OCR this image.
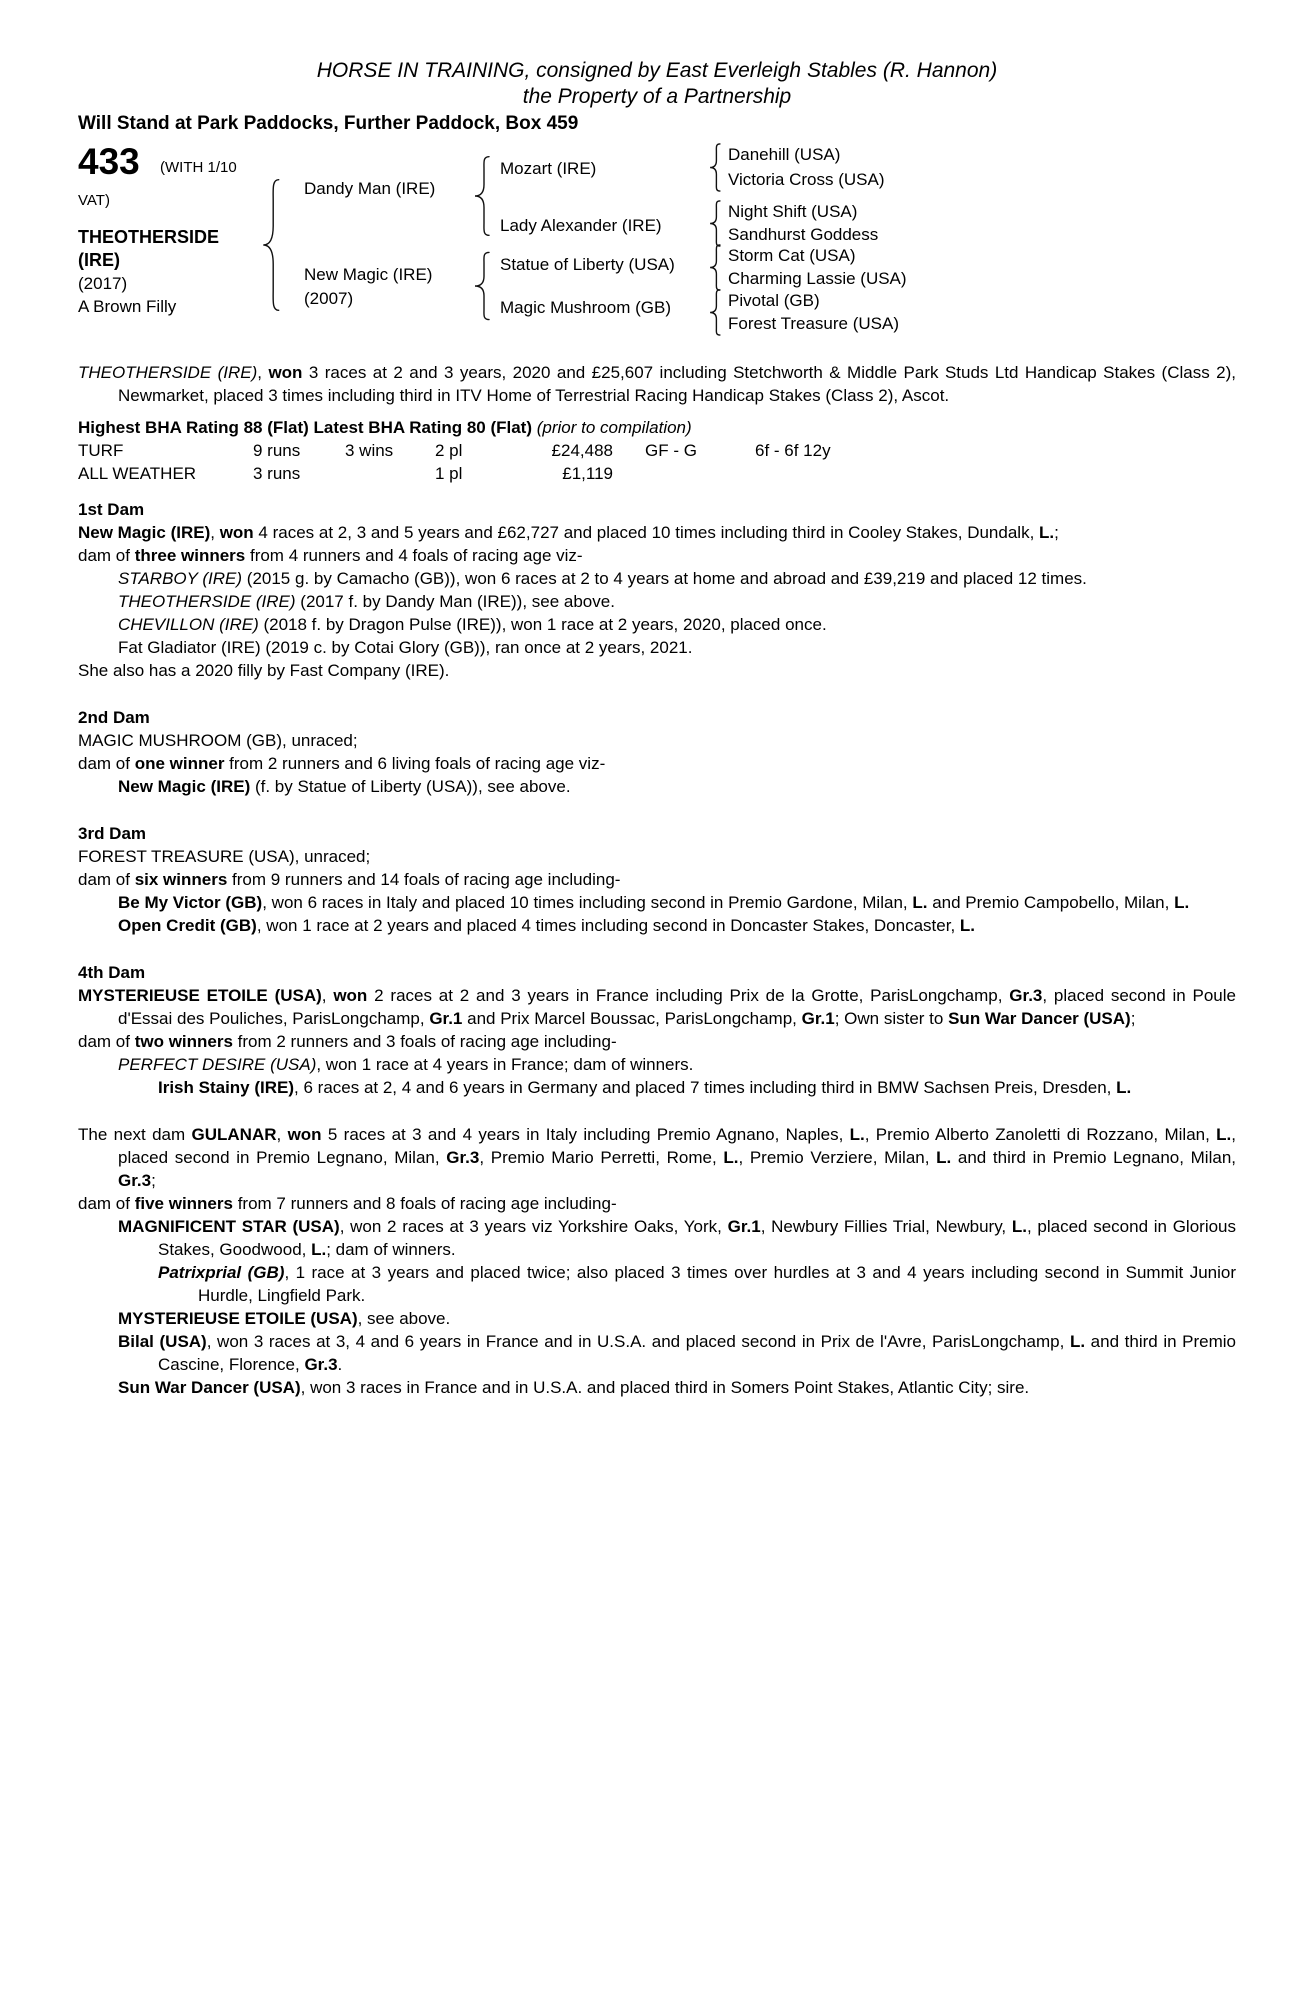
HORSE IN TRAINING, consigned by East Everleigh Stables (R. Hannon)

the Property of a Partnership

Will Stand at Park Paddocks, Further Paddock, Box 459

433 (WITH 1/10
VAT)
THEOTHERSIDE
(IRE)
(2017)
A Brown Filly
Dandy Man (IRE)
New Magic (IRE)
(2007)
Mozart (IRE)
Lady Alexander (IRE)
Statue of Liberty (USA)
Magic Mushroom (GB)
Danehill (USA)
Victoria Cross (USA)
Night Shift (USA)
Sandhurst Goddess
Storm Cat (USA)
Charming Lassie (USA)
Pivotal (GB)
Forest Treasure (USA)

THEOTHERSIDE (IRE), won 3 races at 2 and 3 years, 2020 and £25,607 including Stetchworth & Middle Park Studs Ltd Handicap Stakes (Class 2), Newmarket, placed 3 times including third in ITV Home of Terrestrial Racing Handicap Stakes (Class 2), Ascot.

Highest BHA Rating 88 (Flat) Latest BHA Rating 80 (Flat) (prior to compilation)

TURF	9 runs	3 wins	2 pl	£24,488	GF - G	6f - 6f 12y
ALL WEATHER	3 runs	1 pl	£1,119
1st Dam

New Magic (IRE), won 4 races at 2, 3 and 5 years and £62,727 and placed 10 times including third in Cooley Stakes, Dundalk, L.;

dam of three winners from 4 runners and 4 foals of racing age viz-

STARBOY (IRE) (2015 g. by Camacho (GB)), won 6 races at 2 to 4 years at home and abroad and £39,219 and placed 12 times.

THEOTHERSIDE (IRE) (2017 f. by Dandy Man (IRE)), see above.

CHEVILLON (IRE) (2018 f. by Dragon Pulse (IRE)), won 1 race at 2 years, 2020, placed once.

Fat Gladiator (IRE) (2019 c. by Cotai Glory (GB)), ran once at 2 years, 2021.

She also has a 2020 filly by Fast Company (IRE).

2nd Dam

MAGIC MUSHROOM (GB), unraced;

dam of one winner from 2 runners and 6 living foals of racing age viz-

New Magic (IRE) (f. by Statue of Liberty (USA)), see above.

3rd Dam

FOREST TREASURE (USA), unraced;

dam of six winners from 9 runners and 14 foals of racing age including-

Be My Victor (GB), won 6 races in Italy and placed 10 times including second in Premio Gardone, Milan, L. and Premio Campobello, Milan, L.

Open Credit (GB), won 1 race at 2 years and placed 4 times including second in Doncaster Stakes, Doncaster, L.

4th Dam

MYSTERIEUSE ETOILE (USA), won 2 races at 2 and 3 years in France including Prix de la Grotte, ParisLongchamp, Gr.3, placed second in Poule d'Essai des Pouliches, ParisLongchamp, Gr.1 and Prix Marcel Boussac, ParisLongchamp, Gr.1; Own sister to Sun War Dancer (USA);

dam of two winners from 2 runners and 3 foals of racing age including-

PERFECT DESIRE (USA), won 1 race at 4 years in France; dam of winners.

Irish Stainy (IRE), 6 races at 2, 4 and 6 years in Germany and placed 7 times including third in BMW Sachsen Preis, Dresden, L.

The next dam GULANAR, won 5 races at 3 and 4 years in Italy including Premio Agnano, Naples, L., Premio Alberto Zanoletti di Rozzano, Milan, L., placed second in Premio Legnano, Milan, Gr.3, Premio Mario Perretti, Rome, L., Premio Verziere, Milan, L. and third in Premio Legnano, Milan, Gr.3;

dam of five winners from 7 runners and 8 foals of racing age including-

MAGNIFICENT STAR (USA), won 2 races at 3 years viz Yorkshire Oaks, York, Gr.1, Newbury Fillies Trial, Newbury, L., placed second in Glorious Stakes, Goodwood, L.; dam of winners.

Patrixprial (GB), 1 race at 3 years and placed twice; also placed 3 times over hurdles at 3 and 4 years including second in Summit Junior Hurdle, Lingfield Park.

MYSTERIEUSE ETOILE (USA), see above.

Bilal (USA), won 3 races at 3, 4 and 6 years in France and in U.S.A. and placed second in Prix de l'Avre, ParisLongchamp, L. and third in Premio Cascine, Florence, Gr.3.

Sun War Dancer (USA), won 3 races in France and in U.S.A. and placed third in Somers Point Stakes, Atlantic City; sire.
